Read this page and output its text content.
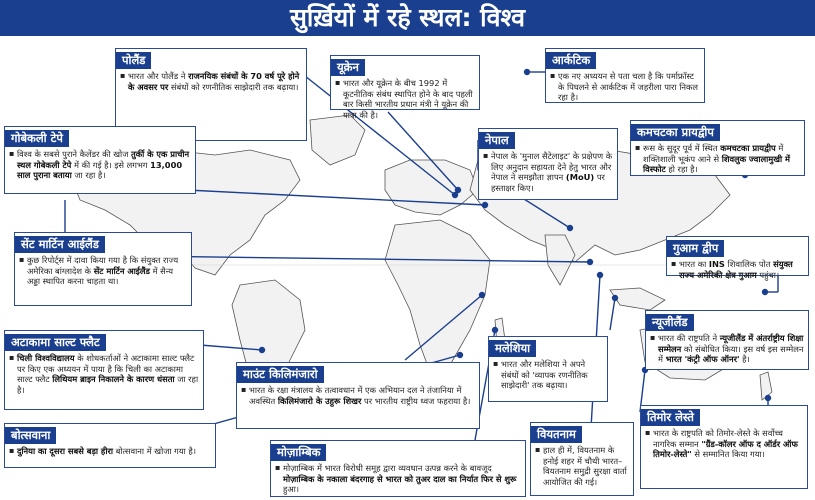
सुर्ख़ियों में रहे स्थल: विश्व
पोलैंड
▪ भारत और पोलैंड ने राजनयिक संबंधों के 70 वर्ष पूरे होने के अवसर पर संबंधों को रणनीतिक साझेदारी तक बढ़ाया।
यूक्रेन
▪ भारत और यूक्रेन के बीच 1992 में कूटनीतिक संबंध स्थापित होने के बाद पहली बार किसी भारतीय प्रधान मंत्री ने यूक्रेन की यात्रा की है।
आर्कटिक
▪ एक नए अध्ययन से पता चला है कि पर्माफ्रॉस्ट के पिघलने से आर्कटिक में जहरीला पारा निकल रहा है।
गोबेकली टेपे
▪ विश्व के सबसे पुराने कैलेंडर की खोज तुर्की के एक प्राचीन स्थल गोबेकली टेपे में की गई है। इसे लगभग 13,000 साल पुराना बताया जा रहा है।
नेपाल
▪ नेपाल के 'मुनाल सैटेलाइट' के प्रक्षेपण के लिए अनुदान सहायता देने हेतु भारत और नेपाल ने समझौता ज्ञापन (MoU) पर हस्ताक्षर किए।
कमचटका प्रायद्वीप
▪ रूस के सुदूर पूर्व में स्थित कमचटका प्रायद्वीप में शक्तिशाली भूकंप आने से शिवलुक ज्वालामुखी में विस्फोट हो रहा है।
गुआम द्वीप
▪ भारत का INS शिवालिक पोत संयुक्त राज्य अमेरिकी क्षेत्र गुआम पहुंचा।
सेंट मार्टिन आईलैंड
▪ कुछ रिपोर्ट्स में दावा किया गया है कि संयुक्त राज्य अमेरिका बांग्लादेश के सेंट मार्टिन आईलैंड में सैन्य अड्डा स्थापित करना चाहता था।
न्यूजीलैंड
▪ भारत की राष्ट्रपति ने न्यूजीलैंड में अंतर्राष्ट्रीय शिक्षा सम्मेलन को संबोधित किया। इस वर्ष इस सम्मेलन में भारत 'कंट्री ऑफ ऑनर' है।
अटाकामा साल्ट फ्लैट
▪ चिली विश्वविद्यालय के शोधकर्ताओं ने अटाकामा साल्ट फ्लैट पर किए एक अध्ययन में पाया है कि चिली का अटाकामा साल्ट फ्लैट लिथियम ब्राइन निकालने के कारण धंसता जा रहा है।
मलेशिया
▪ भारत और मलेशिया ने अपने संबंधों को 'व्यापक रणनीतिक साझेदारी' तक बढ़ाया।
माउंट किलिमंजारो
▪ भारत के रक्षा मंत्रालय के तत्वावधान में एक अभियान दल ने तंजानिया में अवस्थित किलिमंजारो के उहुरू शिखर पर भारतीय राष्ट्रीय ध्वज फहराया है।
तिमोर लेस्ते
▪ भारत के राष्ट्रपति को तिमोर-लेस्ते के सर्वोच्च नागरिक सम्मान "ग्रैंड-कॉलर ऑफ द ऑर्डर ऑफ तिमोर-लेस्ते" से सम्मानित किया गया।
बोत्सवाना
▪ दुनिया का दूसरा सबसे बड़ा हीरा बोत्सवाना में खोजा गया है।
वियतनाम
▪ हाल ही में, वियतनाम के हनोई शहर में चौथी भारत–वियतनाम समुद्री सुरक्षा वार्ता आयोजित की गई।
मोज़ाम्बिक
▪ मोज़ाम्बिक में भारत विरोधी समूह द्वारा व्यवधान उत्पन्न करने के बावजूद मोज़ाम्बिक के नकाला बंदरगाह से भारत को तुअर दाल का निर्यात फिर से शुरू हुआ।
